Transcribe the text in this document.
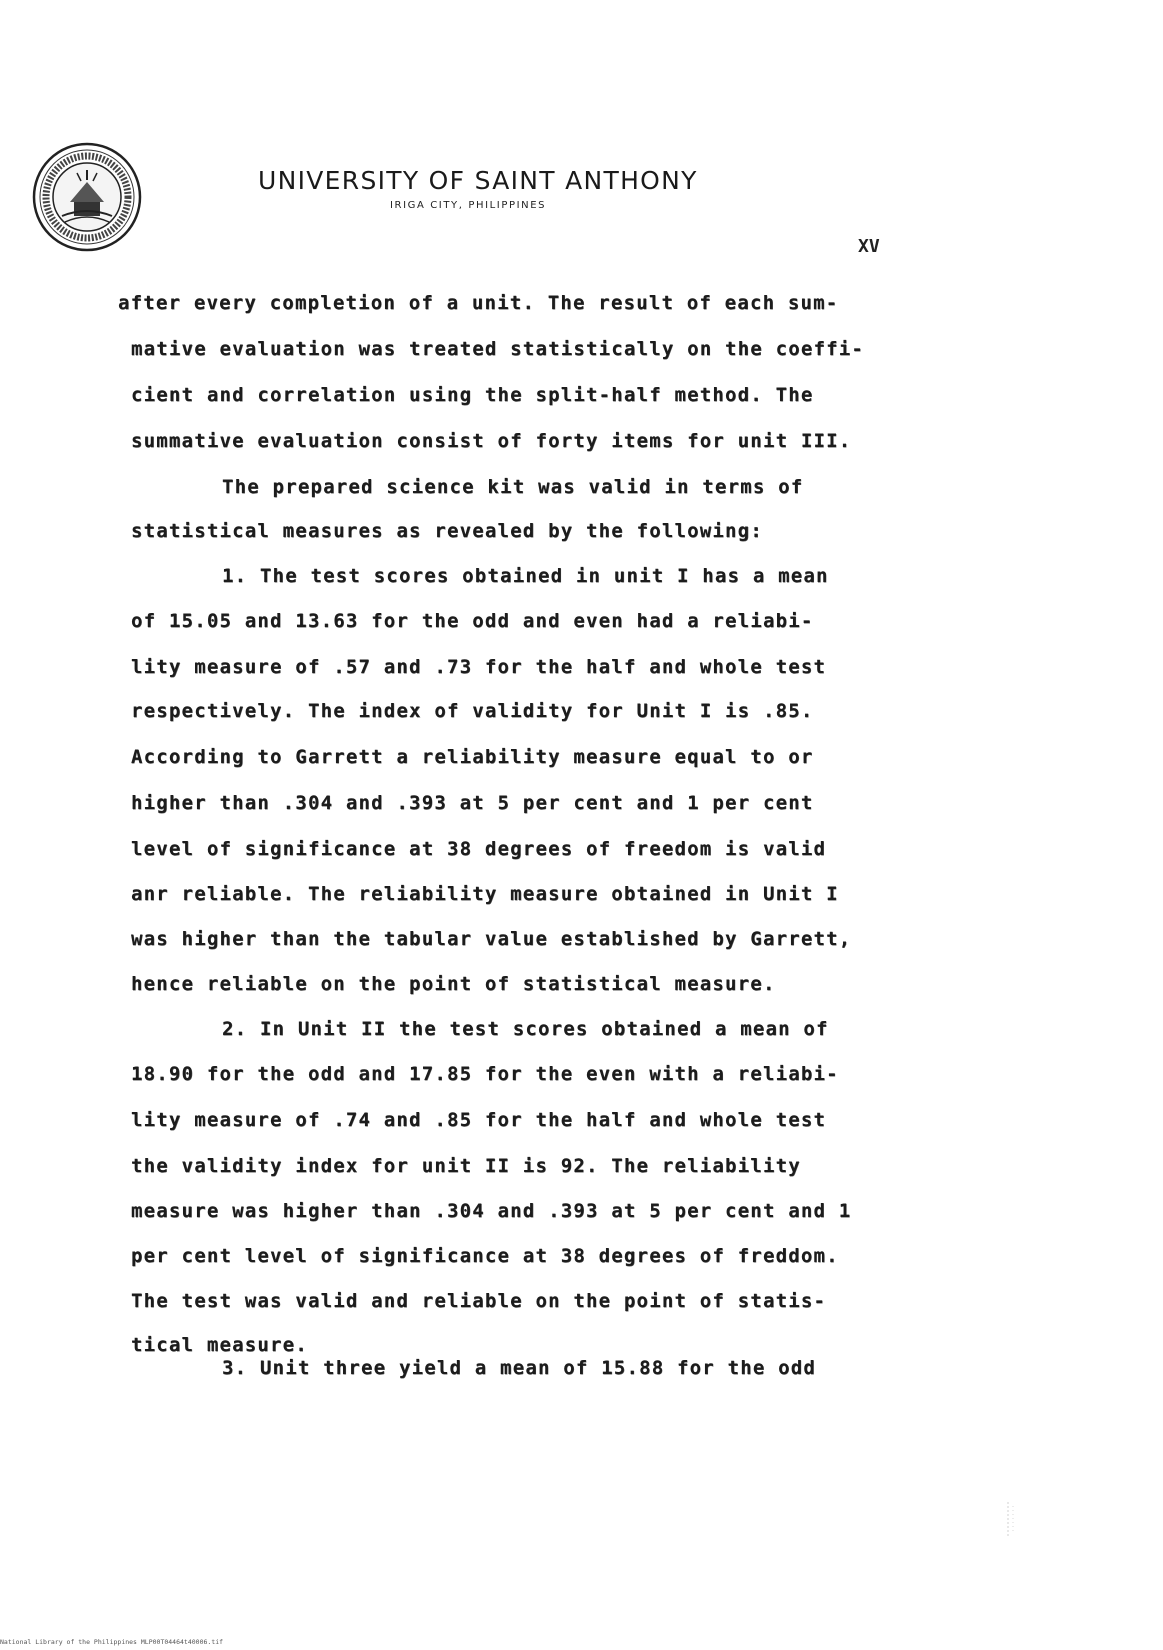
UNIVERSITY OF SAINT ANTHONY
IRIGA CITY, PHILIPPINES
XV
after every completion of a unit. The result of each sum-
mative evaluation was treated statistically on the coeffi-
cient and correlation using the split-half method. The
summative evaluation consist of forty items for unit III.
The prepared science kit was valid in terms of
statistical measures as revealed by the following:
1. The test scores obtained in unit I has a mean
of 15.05 and 13.63 for the odd and even had a reliabi-
lity measure of .57 and .73 for the half and whole test
respectively. The index of validity for Unit I is .85.
According to Garrett a reliability measure equal to or
higher than .304 and .393 at 5 per cent and 1 per cent
level of significance at 38 degrees of freedom is valid
anr reliable. The reliability measure obtained in Unit I
was higher than the tabular value established by Garrett,
hence reliable on the point of statistical measure.
2. In Unit II the test scores obtained a mean of
18.90 for the odd and 17.85 for the even with a reliabi-
lity measure of .74 and .85 for the half and whole test
the validity index for unit II is 92. The reliability
measure was higher than .304 and .393 at 5 per cent and 1
per cent level of significance at 38 degrees of freddom.
The test was valid and reliable on the point of statis-
tical measure.
3. Unit three yield a mean of 15.88 for the odd
National Library of the Philippines MLP00T04464t40006.tif
